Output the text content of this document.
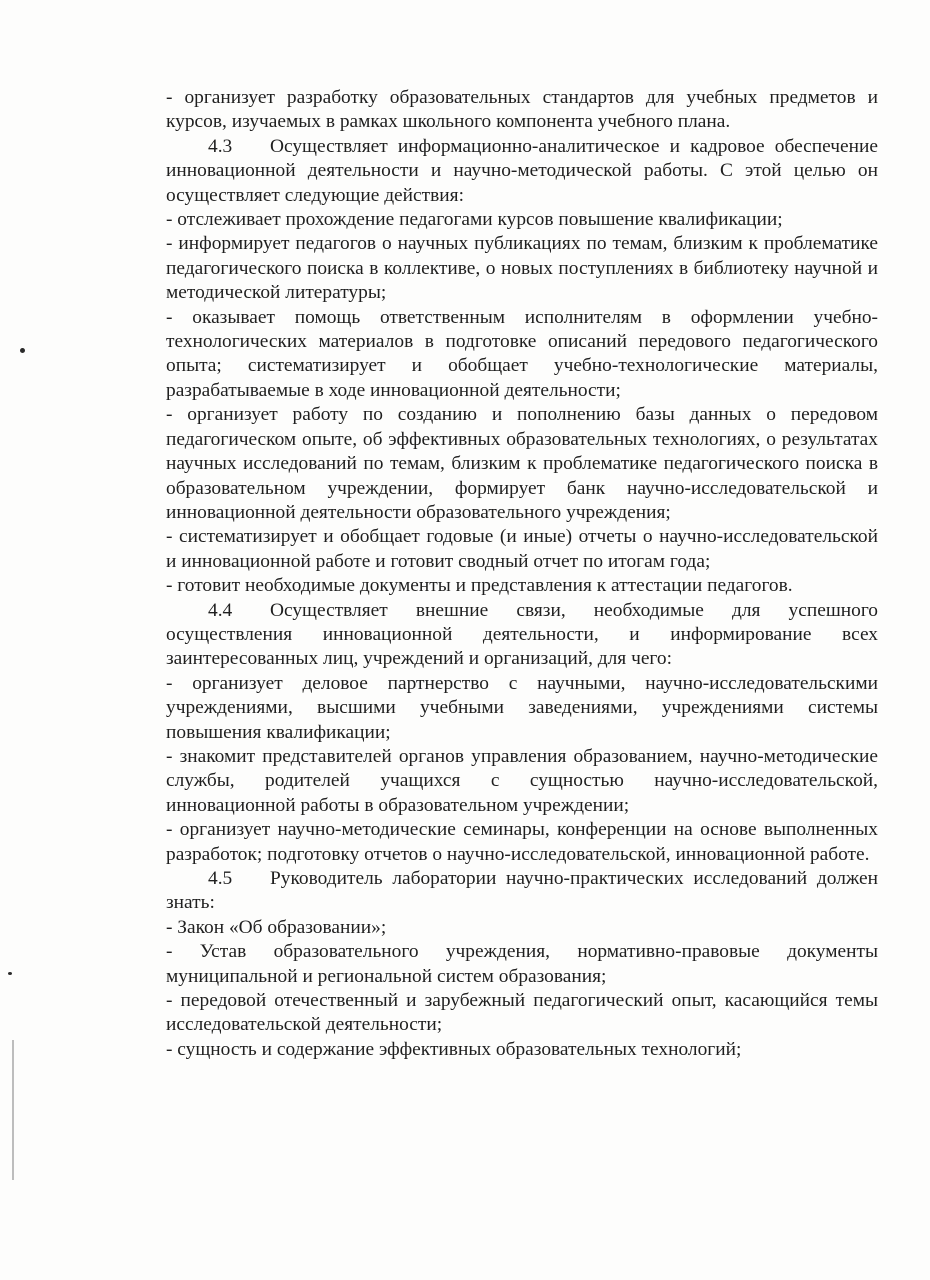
- организует разработку образовательных стандартов для учебных предметов и курсов, изучаемых в рамках школьного компонента учебного плана.

4.3 Осуществляет информационно-аналитическое и кадровое обеспечение инновационной деятельности и научно-методической работы. С этой целью он осуществляет следующие действия:

- отслеживает прохождение педагогами курсов повышение квалификации;

- информирует педагогов о научных публикациях по темам, близким к проблематике педагогического поиска в коллективе, о новых поступлениях в библиотеку научной и методической литературы;

- оказывает помощь ответственным исполнителям в оформлении учебно-технологических материалов в подготовке описаний передового педагогического опыта; систематизирует и обобщает учебно-технологические материалы, разрабатываемые в ходе инновационной деятельности;

- организует работу по созданию и пополнению базы данных о передовом педагогическом опыте, об эффективных образовательных технологиях, о результатах научных исследований по темам, близким к проблематике педагогического поиска в образовательном учреждении, формирует банк научно-исследовательской и инновационной деятельности образовательного учреждения;

- систематизирует и обобщает годовые (и иные) отчеты о научно-исследовательской и инновационной работе и готовит сводный отчет по итогам года;

- готовит необходимые документы и представления к аттестации педагогов.

4.4 Осуществляет внешние связи, необходимые для успешного осуществления инновационной деятельности, и информирование всех заинтересованных лиц, учреждений и организаций, для чего:

- организует деловое партнерство с научными, научно-исследовательскими учреждениями, высшими учебными заведениями, учреждениями системы повышения квалификации;

- знакомит представителей органов управления образованием, научно-методические службы, родителей учащихся с сущностью научно-исследовательской, инновационной работы в образовательном учреждении;

- организует научно-методические семинары, конференции на основе выполненных разработок; подготовку отчетов о научно-исследовательской, инновационной работе.

4.5 Руководитель лаборатории научно-практических исследований должен знать:

- Закон «Об образовании»;

- Устав образовательного учреждения, нормативно-правовые документы муниципальной и региональной систем образования;

- передовой отечественный и зарубежный педагогический опыт, касающийся темы исследовательской деятельности;

- сущность и содержание эффективных образовательных технологий;
